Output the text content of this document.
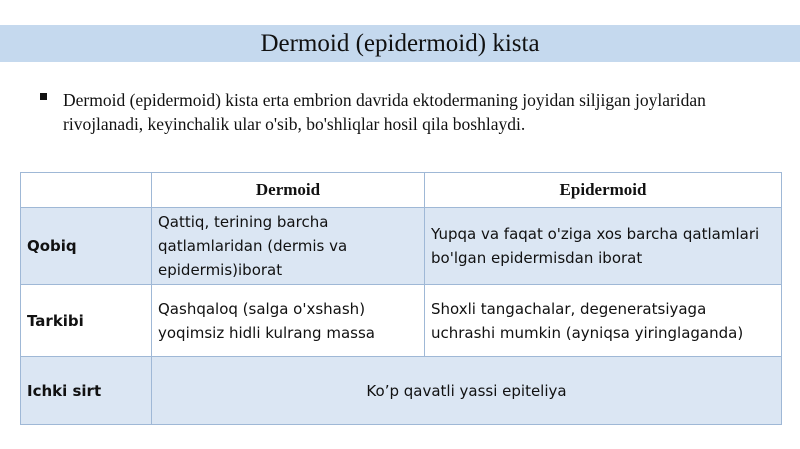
Dermoid (epidermoid) kista
Dermoid (epidermoid) kista erta embrion davrida ektodermaning joyidan siljigan joylaridan rivojlanadi, keyinchalik ular o'sib, bo'shliqlar hosil qila boshlaydi.
	Dermoid	Epidermoid
Qobiq	Qattiq, terining barcha qatlamlaridan (dermis va epidermis)iborat	Yupqa va faqat o'ziga xos barcha qatlamlari bo'lgan epidermisdan iborat
Tarkibi	Qashqaloq (salga o'xshash) yoqimsiz hidli kulrang massa	Shoxli tangachalar, degeneratsiyaga uchrashi mumkin (ayniqsa yiringlaganda)
Ichki sirt	Ko’p qavatli yassi epiteliya	
